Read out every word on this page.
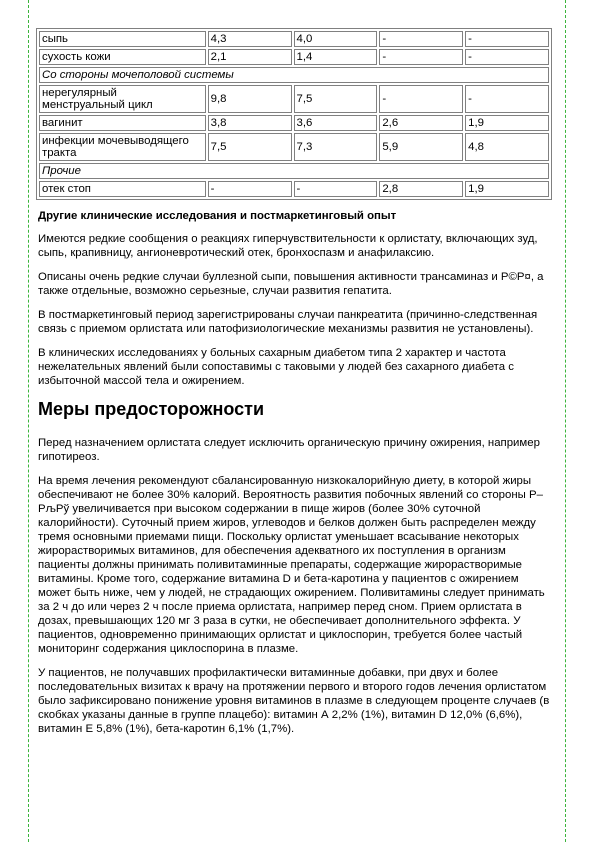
сыпь	4,3	4,0	-	-
сухость кожи	2,1	1,4	-	-
Со стороны мочеполовой системы				
нерегулярный менструальный цикл	9,8	7,5	-	-
вагинит	3,8	3,6	2,6	1,9
инфекции мочевыводящего тракта	7,5	7,3	5,9	4,8
Прочие				
отек стоп	-	-	2,8	1,9
Другие клинические исследования и постмаркетинговый опыт

Имеются редкие сообщения о реакциях гиперчувствительности к орлистату, включающих зуд, сыпь, крапивницу, ангионевротический отек, бронхоспазм и анафилаксию.

Описаны очень редкие случаи буллезной сыпи, повышения активности трансаминаз и Р©Р¤, а также отдельные, возможно серьезные, случаи развития гепатита.

В постмаркетинговый период зарегистрированы случаи панкреатита (причинно-следственная связь с приемом орлистата или патофизиологические механизмы развития не установлены).

В клинических исследованиях у больных сахарным диабетом типа 2 характер и частота нежелательных явлений были сопоставимы с таковыми у людей без сахарного диабета с избыточной массой тела и ожирением.

Меры предосторожности

Перед назначением орлистата следует исключить органическую причину ожирения, например гипотиреоз.

На время лечения рекомендуют сбалансированную низкокалорийную диету, в которой жиры обеспечивают не более 30% калорий. Вероятность развития побочных явлений со стороны Р–РљРў увеличивается при высоком содержании в пище жиров (более 30% суточной калорийности). Суточный прием жиров, углеводов и белков должен быть распределен между тремя основными приемами пищи. Поскольку орлистат уменьшает всасывание некоторых жирорастворимых витаминов, для обеспечения адекватного их поступления в организм пациенты должны принимать поливитаминные препараты, содержащие жирорастворимые витамины. Кроме того, содержание витамина D и бета-каротина у пациентов с ожирением может быть ниже, чем у людей, не страдающих ожирением. Поливитамины следует принимать за 2 ч до или через 2 ч после приема орлистата, например перед сном. Прием орлистата в дозах, превышающих 120 мг 3 раза в сутки, не обеспечивает дополнительного эффекта. У пациентов, одновременно принимающих орлистат и циклоспорин, требуется более частый мониторинг содержания циклоспорина в плазме.

У пациентов, не получавших профилактически витаминные добавки, при двух и более последовательных визитах к врачу на протяжении первого и второго годов лечения орлистатом было зафиксировано понижение уровня витаминов в плазме в следующем проценте случаев (в скобках указаны данные в группе плацебо): витамин А 2,2% (1%), витамин D 12,0% (6,6%), витамин Е 5,8% (1%), бета-каротин 6,1% (1,7%).
